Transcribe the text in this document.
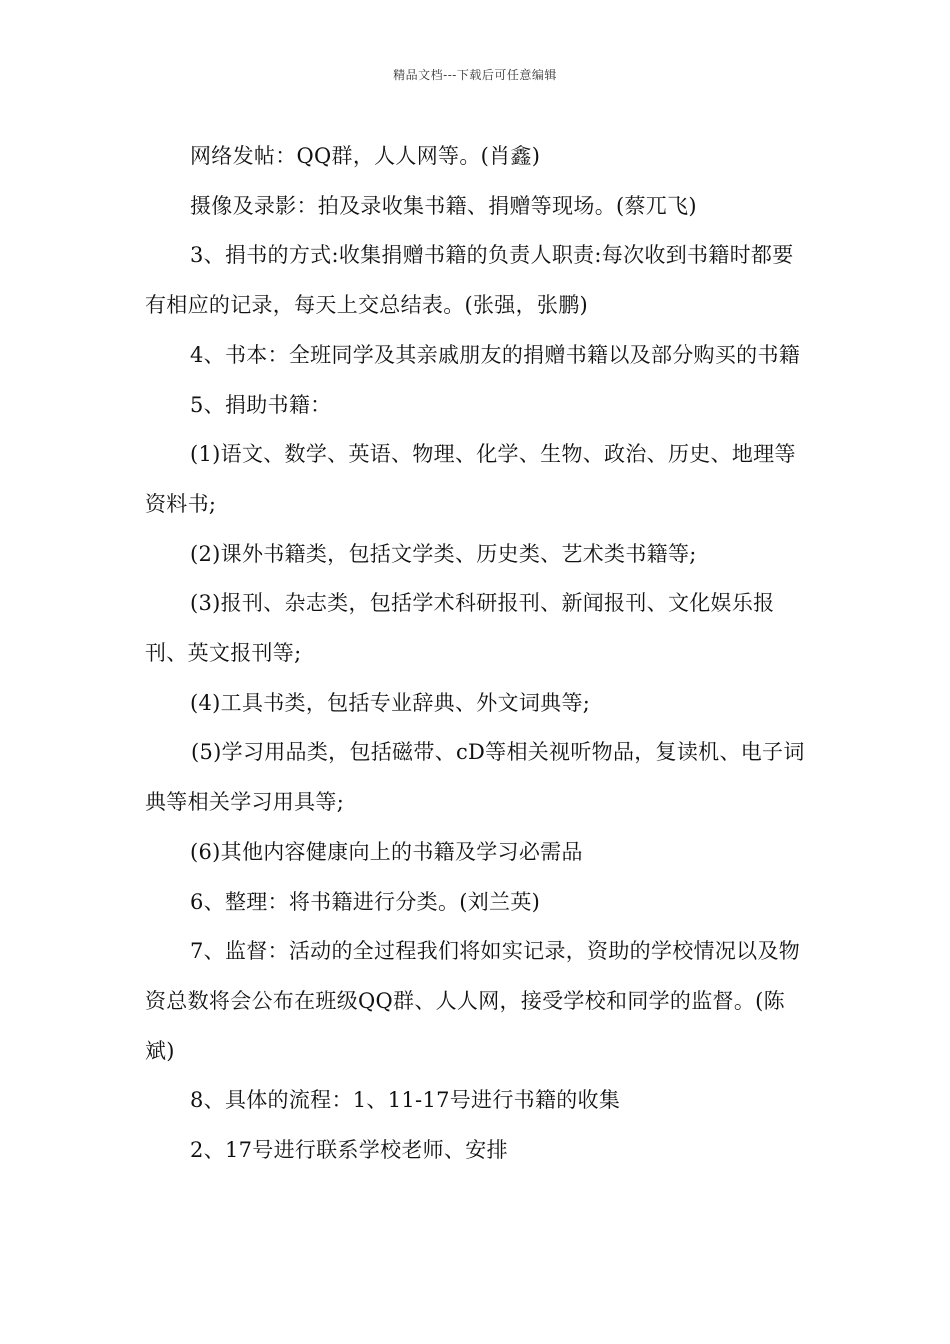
精品文档---下载后可任意编辑

网络发帖：QQ群，人人网等。(肖鑫)

摄像及录影：拍及录收集书籍、捐赠等现场。(蔡兀飞)

3、捐书的方式:收集捐赠书籍的负责人职责:每次收到书籍时都要有相应的记录，每天上交总结表。(张强，张鹏)

4、书本：全班同学及其亲戚朋友的捐赠书籍以及部分购买的书籍

5、捐助书籍：

(1)语文、数学、英语、物理、化学、生物、政治、历史、地理等资料书;

(2)课外书籍类，包括文学类、历史类、艺术类书籍等;

(3)报刊、杂志类，包括学术科研报刊、新闻报刊、文化娱乐报刊、英文报刊等;

(4)工具书类，包括专业辞典、外文词典等;

(5)学习用品类，包括磁带、cD等相关视听物品，复读机、电子词典等相关学习用具等;

(6)其他内容健康向上的书籍及学习必需品

6、整理：将书籍进行分类。(刘兰英)

7、监督：活动的全过程我们将如实记录，资助的学校情况以及物资总数将会公布在班级QQ群、人人网，接受学校和同学的监督。(陈斌)

8、具体的流程：1、11-17号进行书籍的收集

2、17号进行联系学校老师、安排
